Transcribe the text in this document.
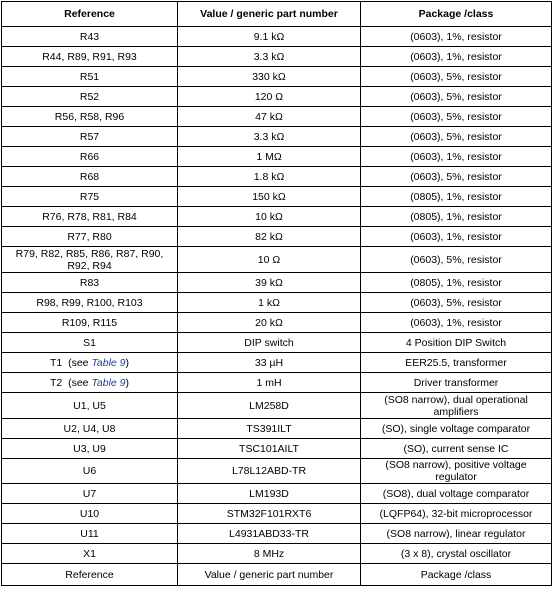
Reference	Value / generic part number	Package /class
R43	9.1 kΩ	(0603), 1%, resistor
R44, R89, R91, R93	3.3 kΩ	(0603), 1%, resistor
R51	330 kΩ	(0603), 5%, resistor
R52	120 Ω	(0603), 5%, resistor
R56, R58, R96	47 kΩ	(0603), 5%, resistor
R57	3.3 kΩ	(0603), 5%, resistor
R66	1 MΩ	(0603), 1%, resistor
R68	1.8 kΩ	(0603), 5%, resistor
R75	150 kΩ	(0805), 1%, resistor
R76, R78, R81, R84	10 kΩ	(0805), 1%, resistor
R77, R80	82 kΩ	(0603), 1%, resistor
R79, R82, R85, R86, R87, R90,
R92, R94	10 Ω	(0603), 5%, resistor
R83	39 kΩ	(0805), 1%, resistor
R98, R99, R100, R103	1 kΩ	(0603), 5%, resistor
R109, R115	20 kΩ	(0603), 1%, resistor
S1	DIP switch	4 Position DIP Switch
T1  (see Table 9)	33 µH	EER25.5, transformer
T2  (see Table 9)	1 mH	Driver transformer
U1, U5	LM258D	(SO8 narrow), dual operational
amplifiers
U2, U4, U8	TS391ILT	(SO), single voltage comparator
U3, U9	TSC101AILT	(SO), current sense IC
U6	L78L12ABD-TR	(SO8 narrow), positive voltage regulator
U7	LM193D	(SO8), dual voltage comparator
U10	STM32F101RXT6	(LQFP64), 32-bit microprocessor
U11	L4931ABD33-TR	(SO8 narrow), linear regulator
X1	8 MHz	(3 x 8), crystal oscillator
Reference	Value / generic part number	Package /class
